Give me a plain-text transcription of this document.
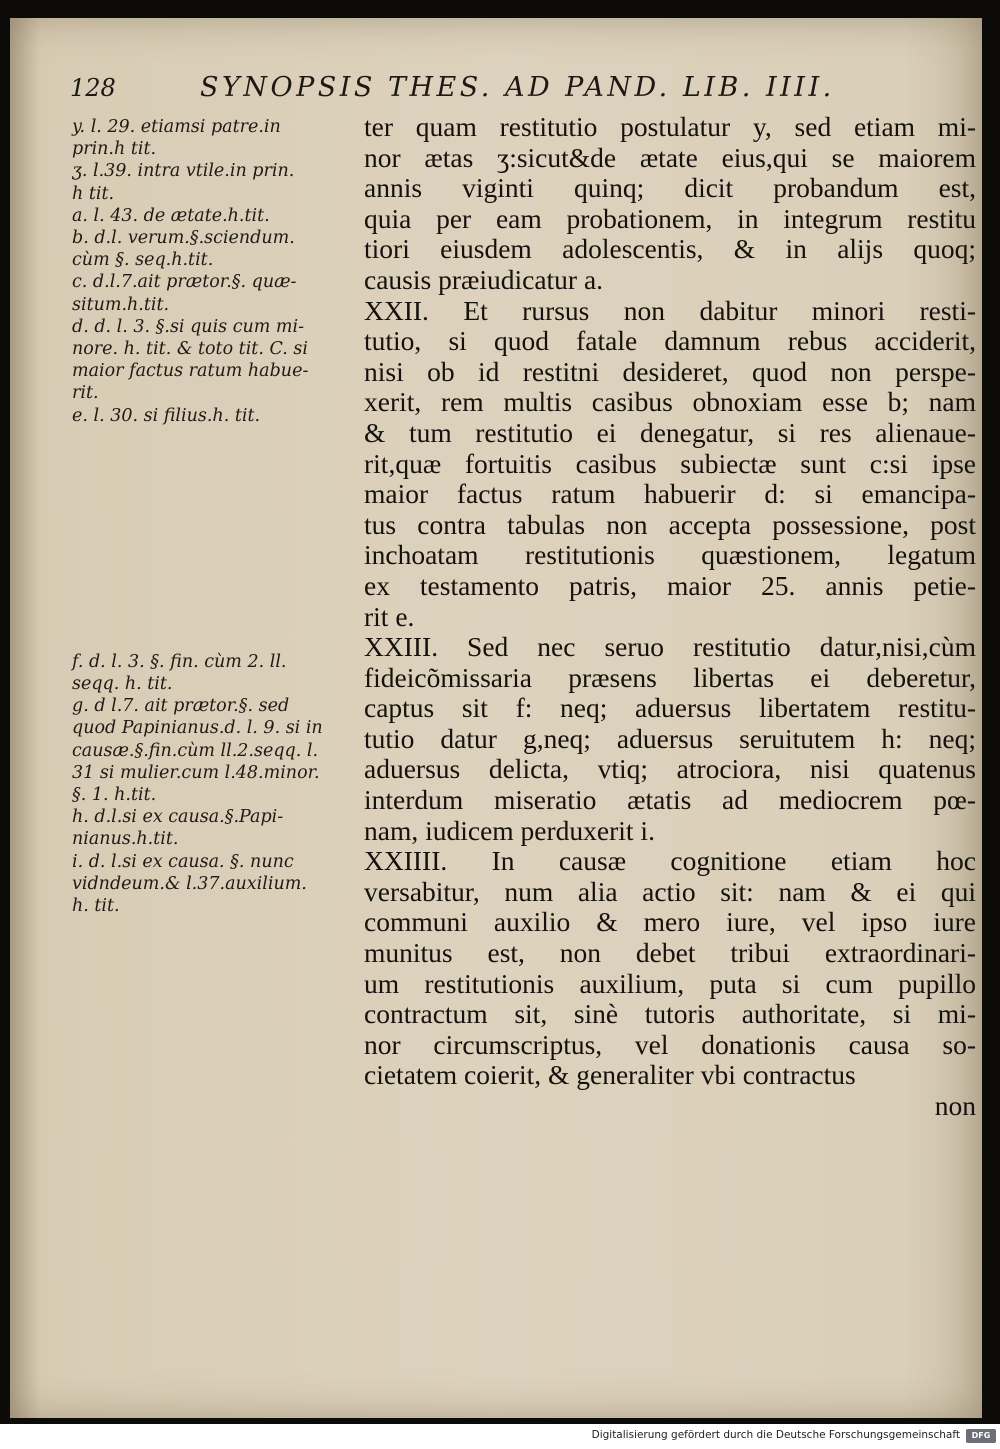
128	SYNOPSIS THES. AD PAND. LIB. IIII.
y. l. 29. etiamsi patre.in
prin.h tit.
ʒ. l.39. intra vtile.in prin.
h tit.
a. l. 43. de ætate.h.tit.
b. d.l. verum.§.sciendum.
cùm §. seq.h.tit.
c. d.l.7.ait prætor.§. quæ-
situm.h.tit.
d. d. l. 3. §.si quis cum mi-
nore. h. tit. & toto tit. C. si
maior factus ratum habue-
rit.
e. l. 30. si filius.h. tit.
f. d. l. 3. §. fin. cùm 2. ll.
seqq. h. tit.
g. d l.7. ait prætor.§. sed
quod Papinianus.d. l. 9. si in
causæ.§.fin.cùm ll.2.seqq. l.
31 si mulier.cum l.48.minor.
§. 1. h.tit.
h. d.l.si ex causa.§.Papi-
nianus.h.tit.
i. d. l.si ex causa. §. nunc
vidndeum.& l.37.auxilium.
h. tit.
ter quam restitutio postulatur y, sed etiam mi-
nor ætas ʒ:sicut&de ætate eius,qui se maiorem
annis viginti quinq; dicit probandum est,
quia per eam probationem, in integrum restitu
tiori eiusdem adolescentis, & in alijs quoq;
causis præiudicatur a.
XXII. Et rursus non dabitur minori resti-
tutio, si quod fatale damnum rebus acciderit,
nisi ob id restitni desideret, quod non perspe-
xerit, rem multis casibus obnoxiam esse b; nam
& tum restitutio ei denegatur, si res alienaue-
rit,quæ fortuitis casibus subiectæ sunt c:si ipse
maior factus ratum habuerir d: si emancipa-
tus contra tabulas non accepta possessione, post
inchoatam restitutionis quæstionem, legatum
ex testamento patris, maior 25. annis petie-
rit e.
XXIII. Sed nec seruo restitutio datur,nisi,cùm
fideicõmissaria præsens libertas ei deberetur,
captus sit f: neq; aduersus libertatem restitu-
tutio datur g,neq; aduersus seruitutem h: neq;
aduersus delicta, vtiq; atrociora, nisi quatenus
interdum miseratio ætatis ad mediocrem pœ-
nam, iudicem perduxerit i.
XXIIII. In causæ cognitione etiam hoc
versabitur, num alia actio sit: nam & ei qui
communi auxilio & mero iure, vel ipso iure
munitus est, non debet tribui extraordinari-
um restitutionis auxilium, puta si cum pupillo
contractum sit, sinè tutoris authoritate, si mi-
nor circumscriptus, vel donationis causa so-
cietatem coierit, & generaliter vbi contractus
non
Digitalisierung gefördert durch die Deutsche Forschungsgemeinschaft	DFG
